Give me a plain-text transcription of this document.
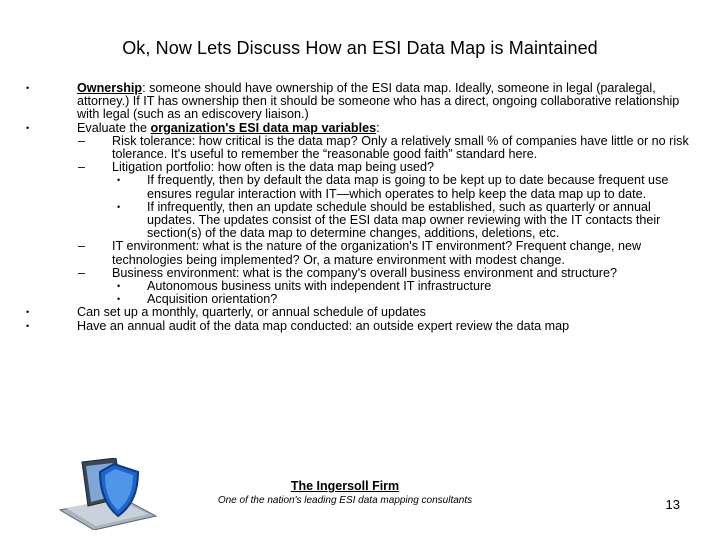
Ok, Now Lets Discuss How an ESI Data Map is Maintained
•	Ownership: someone should have ownership of the ESI data map. Ideally, someone in legal (paralegal, attorney.) If IT has ownership then it should be someone who has a direct, ongoing collaborative relationship with legal (such as an ediscovery liaison.)
•	Evaluate the organization's ESI data map variables:
– Risk tolerance: how critical is the data map? Only a relatively small % of companies have little or no risk tolerance. It's useful to remember the “reasonable good faith” standard here.
– Litigation portfolio: how often is the data map being used?
• If frequently, then by default the data map is going to be kept up to date because frequent use ensures regular interaction with IT—which operates to help keep the data map up to date.
• If infrequently, then an update schedule should be established, such as quarterly or annual updates. The updates consist of the ESI data map owner reviewing with the IT contacts their section(s) of the data map to determine changes, additions, deletions, etc.
– IT environment: what is the nature of the organization's IT environment? Frequent change, new technologies being implemented? Or, a mature environment with modest change.
– Business environment: what is the company's overall business environment and structure?
• Autonomous business units with independent IT infrastructure
• Acquisition orientation?
•	Can set up a monthly, quarterly, or annual schedule of updates
•	Have an annual audit of the data map conducted: an outside expert review the data map
The Ingersoll Firm
One of the nation's leading ESI data mapping consultants	13
